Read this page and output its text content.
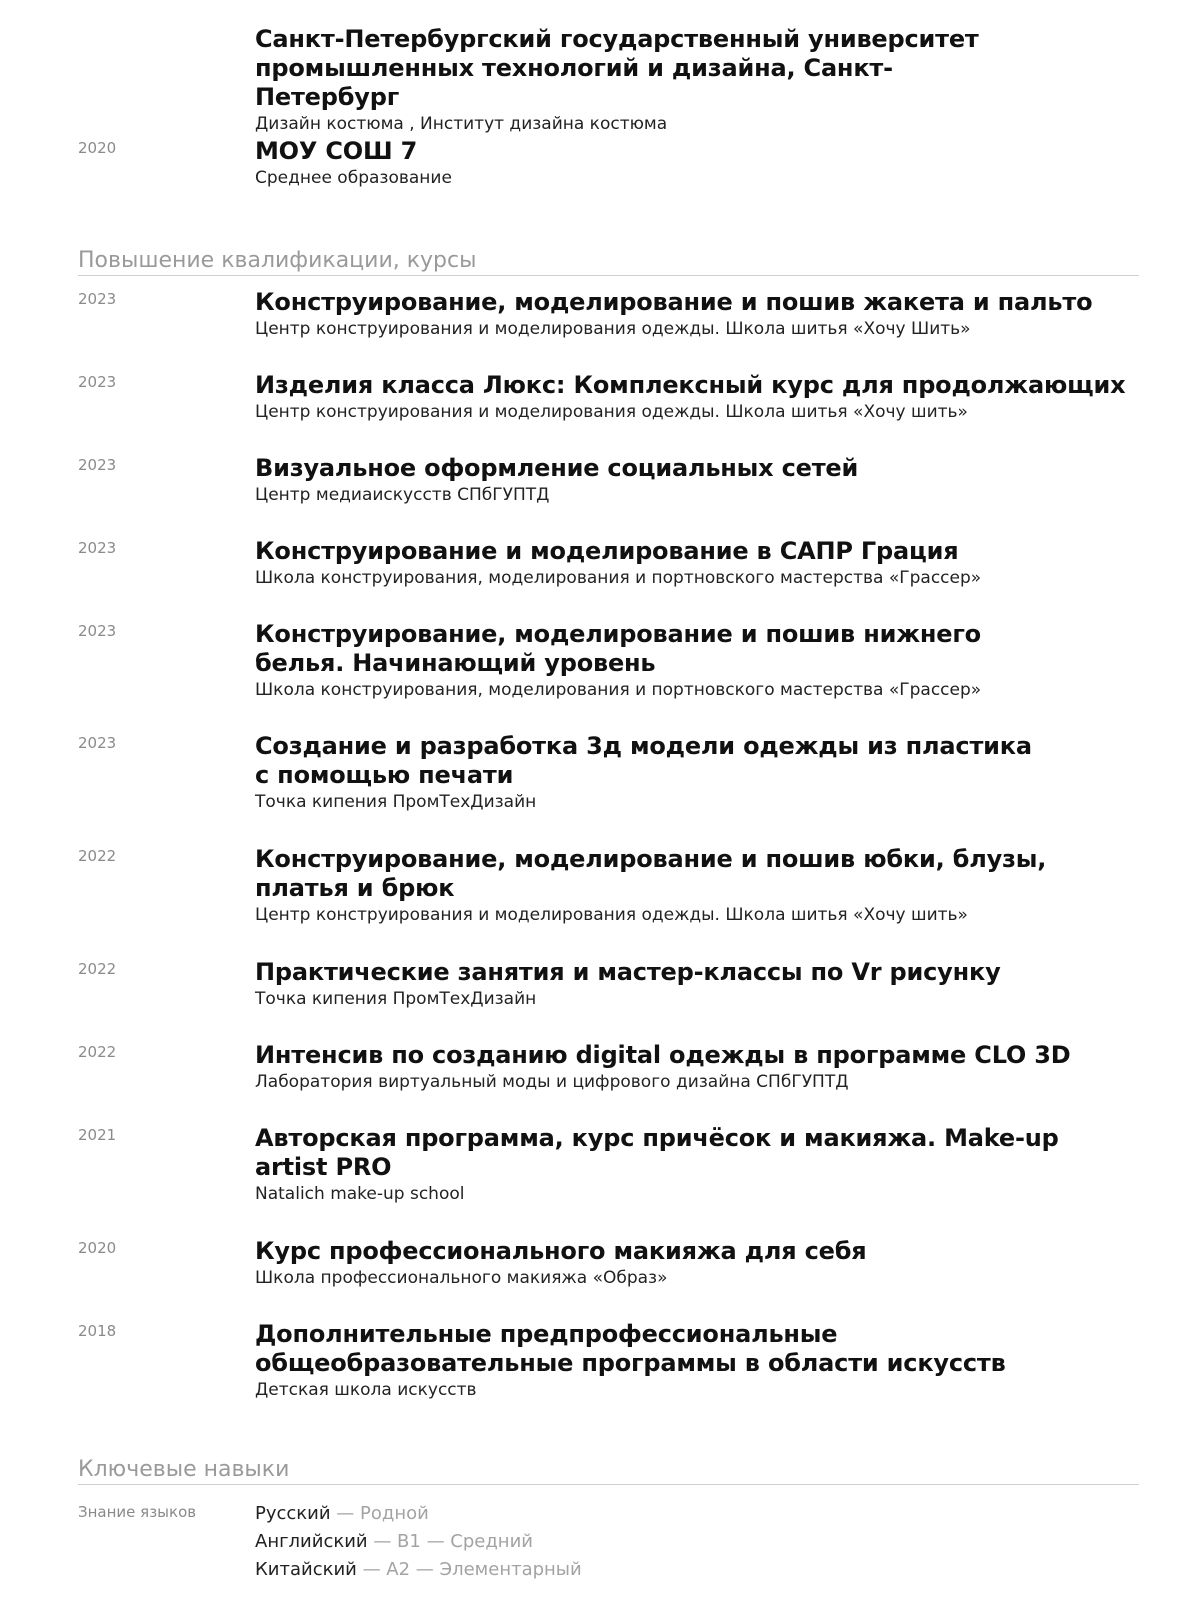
Санкт-Петербургский государственный университет промышленных технологий и дизайна, Санкт-Петербург
Дизайн костюма , Институт дизайна костюма
2020	МОУ СОШ 7
Среднее образование
Повышение квалификации, курсы
2023	Конструирование, моделирование и пошив жакета и пальто
Центр конструирования и моделирования одежды. Школа шитья «Хочу Шить»
2023	Изделия класса Люкс: Комплексный курс для продолжающих
Центр конструирования и моделирования одежды. Школа шитья «Хочу шить»
2023	Визуальное оформление социальных сетей
Центр медиаискусств СПбГУПТД
2023	Конструирование и моделирование в САПР Грация
Школа конструирования, моделирования и портновского мастерства «Грассер»
2023	Конструирование, моделирование и пошив нижнего белья. Начинающий уровень
Школа конструирования, моделирования и портновского мастерства «Грассер»
2023	Создание и разработка 3д модели одежды из пластика с помощью печати
Точка кипения ПромТехДизайн
2022	Конструирование, моделирование и пошив юбки, блузы, платья и брюк
Центр конструирования и моделирования одежды. Школа шитья «Хочу шить»
2022	Практические занятия и мастер-классы по Vr рисунку
Точка кипения ПромТехДизайн
2022	Интенсив по созданию digital одежды в программе CLO 3D
Лаборатория виртуальный моды и цифрового дизайна СПбГУПТД
2021	Авторская программа, курс причёсок и макияжа. Make-up artist PRO
Natalich make-up school
2020	Курс профессионального макияжа для себя
Школа профессионального макияжа «Образ»
2018	Дополнительные предпрофессиональные общеобразовательные программы в области искусств
Детская школа искусств
Ключевые навыки
Знание языков	Русский — Родной
Английский — B1 — Средний
Китайский — A2 — Элементарный
